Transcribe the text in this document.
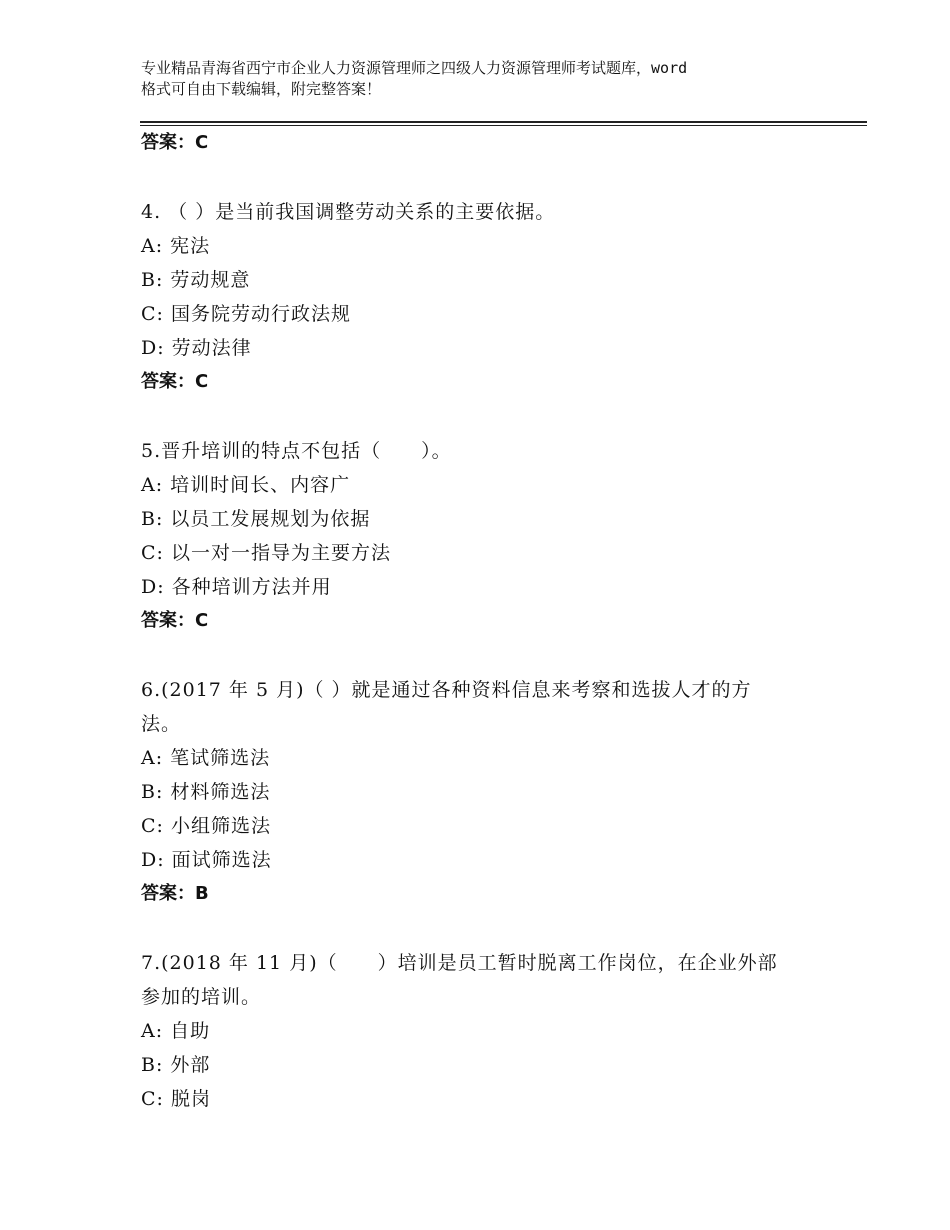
专业精品青海省西宁市企业人力资源管理师之四级人力资源管理师考试题库，word
格式可自由下载编辑，附完整答案！
答案：C
4. （ ）是当前我国调整劳动关系的主要依据。
A: 宪法
B: 劳动规意
C: 国务院劳动行政法规
D: 劳动法律
答案：C
5.晋升培训的特点不包括（　　）。
A: 培训时间长、内容广
B: 以员工发展规划为依据
C: 以一对一指导为主要方法
D: 各种培训方法并用
答案：C
6.(2017 年 5 月)（ ）就是通过各种资料信息来考察和选拔人才的方
法。
A: 笔试筛选法
B: 材料筛选法
C: 小组筛选法
D: 面试筛选法
答案：B
7.(2018 年 11 月)（　　）培训是员工暂时脱离工作岗位，在企业外部
参加的培训。
A: 自助
B: 外部
C: 脱岗
